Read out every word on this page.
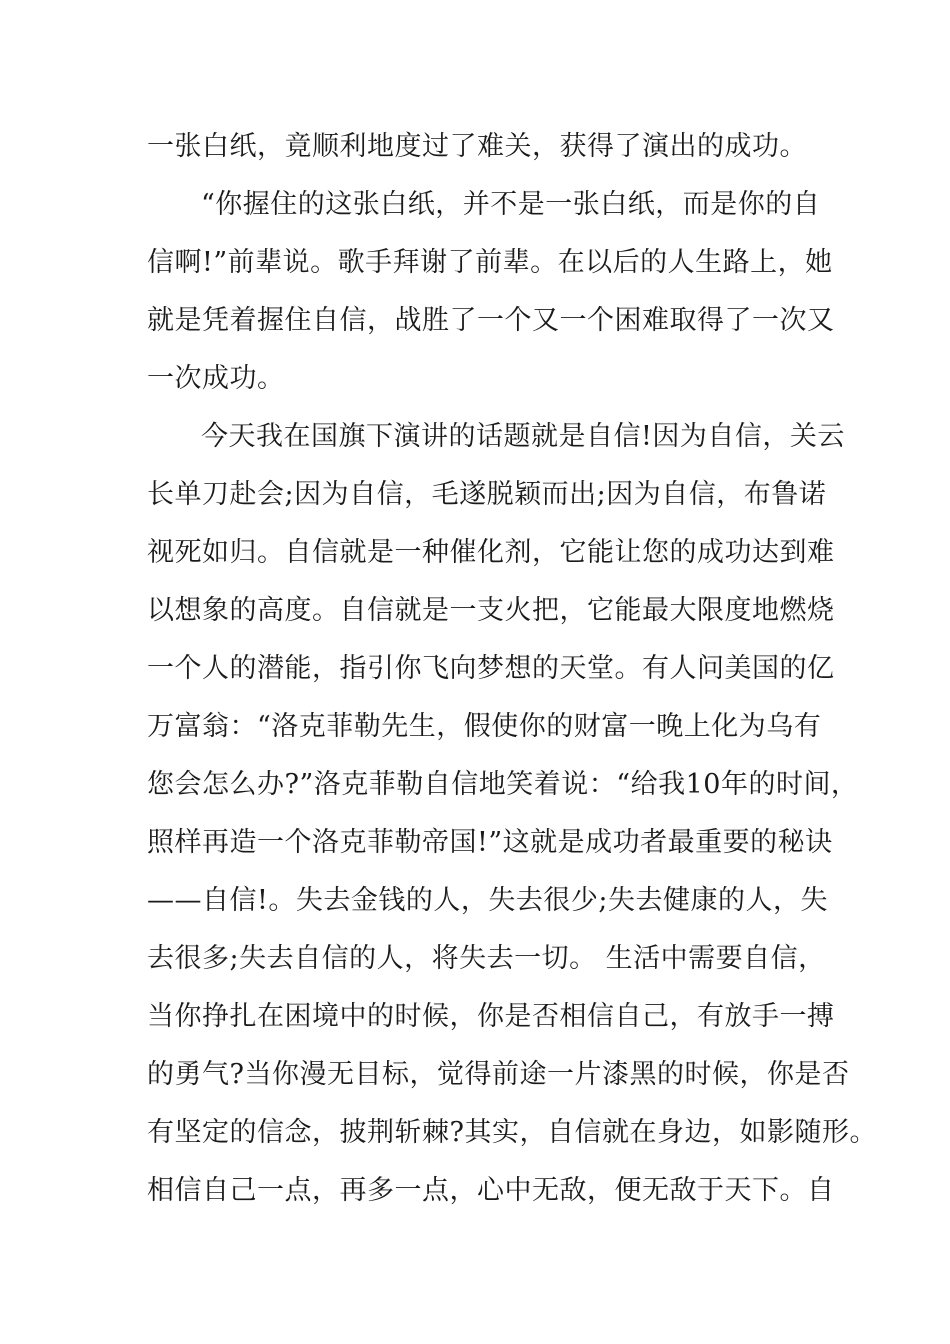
一张白纸，竟顺利地度过了难关，获得了演出的成功。
“你握住的这张白纸，并不是一张白纸，而是你的自
信啊!”前辈说。歌手拜谢了前辈。在以后的人生路上，她
就是凭着握住自信，战胜了一个又一个困难取得了一次又
一次成功。
今天我在国旗下演讲的话题就是自信!因为自信，关云
长单刀赴会;因为自信，毛遂脱颖而出;因为自信，布鲁诺
视死如归。自信就是一种催化剂，它能让您的成功达到难
以想象的高度。自信就是一支火把，它能最大限度地燃烧
一个人的潜能，指引你飞向梦想的天堂。有人问美国的亿
万富翁：“洛克菲勒先生，假使你的财富一晚上化为乌有
您会怎么办?”洛克菲勒自信地笑着说：“给我10年的时间，
照样再造一个洛克菲勒帝国!”这就是成功者最重要的秘诀
——自信!。失去金钱的人，失去很少;失去健康的人，失
去很多;失去自信的人，将失去一切。 生活中需要自信，
当你挣扎在困境中的时候，你是否相信自己，有放手一搏
的勇气?当你漫无目标，觉得前途一片漆黑的时候，你是否
有坚定的信念，披荆斩棘?其实，自信就在身边，如影随形。
相信自己一点，再多一点，心中无敌，便无敌于天下。自
